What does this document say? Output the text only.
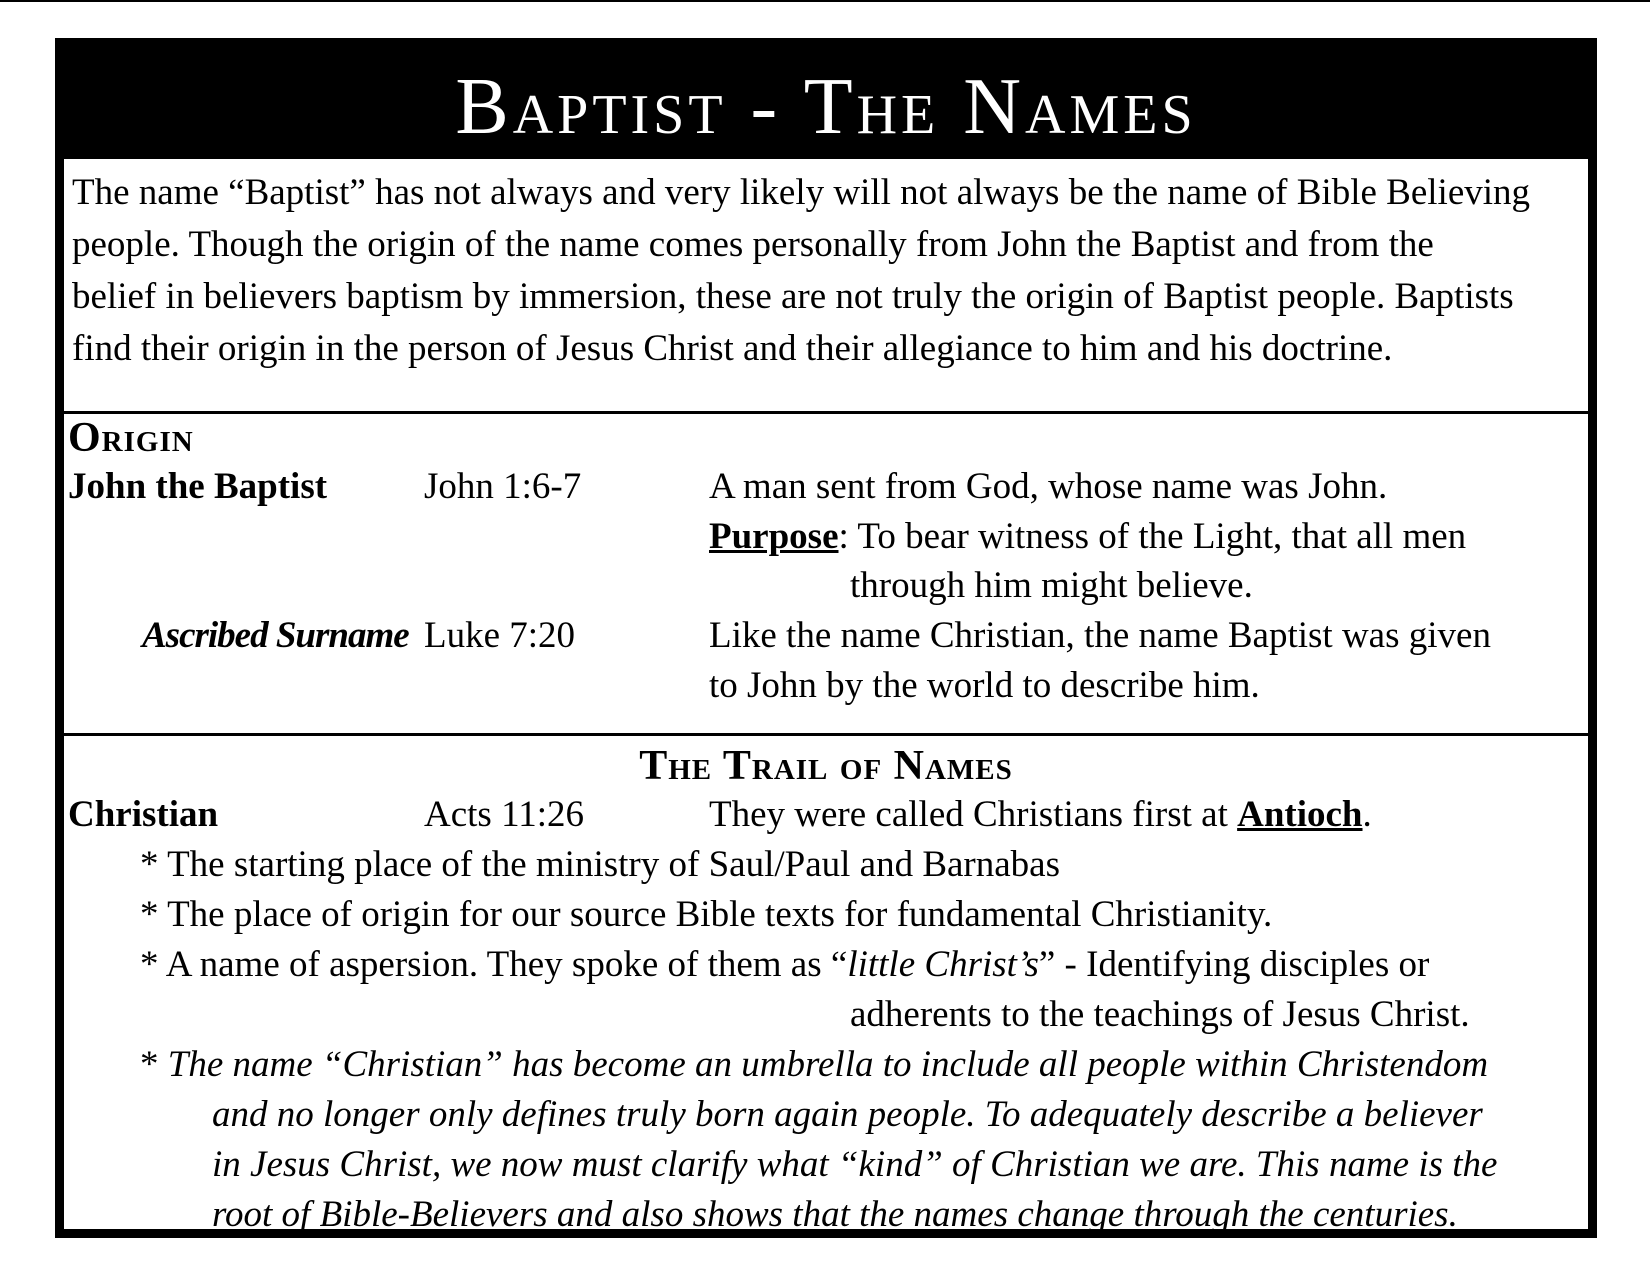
Baptist - The Names
The name “Baptist” has not always and very likely will not always be the name of Bible Believing
people. Though the origin of the name comes personally from John the Baptist and from the
belief in believers baptism by immersion, these are not truly the origin of Baptist people. Baptists
find their origin in the person of Jesus Christ and their allegiance to him and his doctrine.
Origin
John the Baptist	John 1:6-7	A man sent from God, whose name was John.
Purpose: To bear witness of the Light, that all men
through him might believe.
Ascribed Surname Luke 7:20	Like the name Christian, the name Baptist was given
to John by the world to describe him.
The Trail of Names
Christian	Acts 11:26	They were called Christians first at Antioch.
* The starting place of the ministry of Saul/Paul and Barnabas
* The place of origin for our source Bible texts for fundamental Christianity.
* A name of aspersion. They spoke of them as “little Christ’s” - Identifying disciples or
adherents to the teachings of Jesus Christ.
* The name “Christian” has become an umbrella to include all people within Christendom
and no longer only defines truly born again people. To adequately describe a believer
in Jesus Christ, we now must clarify what “kind” of Christian we are. This name is the
root of Bible-Believers and also shows that the names change through the centuries.
